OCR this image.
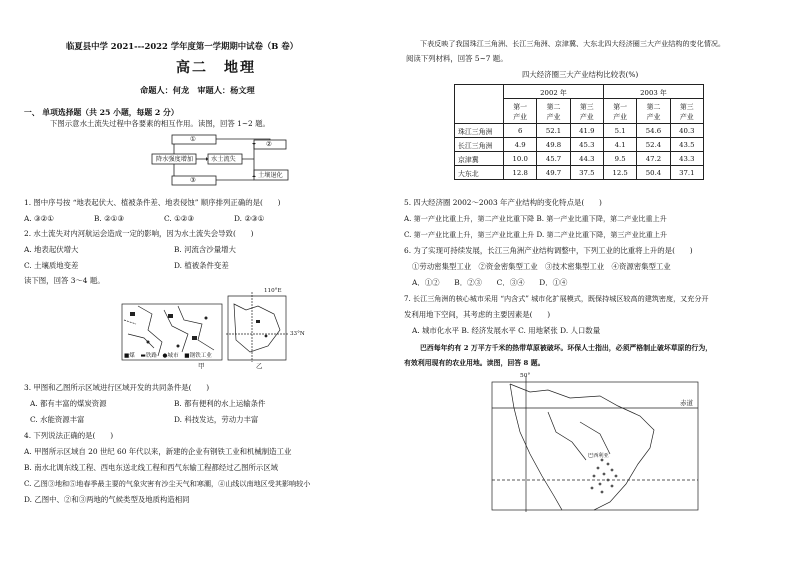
临夏县中学 2021---2022 学年度第一学期期中试卷（B 卷）
高二　地理
命题人：何龙　审题人：杨文理
一、 单项选择题（共 25 小题，每题 2 分）
下图示意水土流失过程中各要素的相互作用。读图，回答 1~2 题。
①
②
降水强度增加	水土流失
③
土壤退化
1. 图中序号按 “地表起伏大、植被条件差、地表侵蚀” 顺序排列正确的是(　　)
A. ③②①	B. ②①③	C. ①②③	D. ②③①
2. 水土流失对内河航运会造成一定的影响，因为水土流失会导致(　　)
A. 地表起伏增大	B. 河流含沙量增大
C. 土壤质地变差	D. 植被条件变差
读下图，回答 3～4 题。
110°E
33°N
■煤　▬铁路　●城市　■钢铁工业
甲	乙
3. 甲图和乙图所示区域进行区域开发的共同条件是(　　)
A. 都有丰富的煤炭资源	B. 都有便利的水上运输条件
C. 水能资源丰富	D. 科技发达，劳动力丰富
4. 下列说法正确的是(　　)
A. 甲图所示区域自 20 世纪 60 年代以来，新建的企业有钢铁工业和机械制造工业
B. 南水北调东线工程、西电东送北线工程和西气东输工程都经过乙图所示区域
C. 乙图③地和⑤地春季最主要的气象灾害有沙尘天气和寒潮，④山线以南地区受其影响较小
D. 乙图中、②和③两地的气候类型及地质构造相同
下表反映了我国珠江三角洲、长江三角洲、京津冀、大东北四大经济圈三大产业结构的变化情况。
阅读下列材料，回答 5~7 题。
四大经济圈三大产业结构比较表(%)
	2002 年			2003 年		
	第一
产业	第二
产业	第三
产业	第一
产业	第二
产业	第三
产业
珠江三角洲	6	52.1	41.9	5.1	54.6	40.3
长江三角洲	4.9	49.8	45.3	4.1	52.4	43.5
京津冀	10.0	45.7	44.3	9.5	47.2	43.3
大东北	12.8	49.7	37.5	12.5	50.4	37.1
5. 四大经济圈 2002～2003 年产业结构的变化特点是(　　)
A. 第一产业比重上升，第二产业比重下降 B. 第一产业比重下降，第二产业比重上升
C. 第一产业比重上升，第三产业比重上升 D. 第二产业比重下降，第三产业比重上升
6. 为了实现可持续发展，长江三角洲产业结构调整中，下列工业的比重将上升的是(　　)
①劳动密集型工业　②资金密集型工业　③技术密集型工业　④资源密集型工业
A．①②　　B．②③　　C．③④　　D．①④
7. 长江三角洲的核心城市采用 “内含式” 城市化扩展模式，既保持城区较高的建筑密度，又充分开
发利用地下空间，其考虑的主要因素是(　　)
A. 城市化水平 B. 经济发展水平 C. 用地紧张 D. 人口数量
巴西每年约有 2 万平方千米的热带草原被破坏。环保人士指出，必须严格制止破坏草原的行为，
有效利用现有的农业用地。读图，回答 8 题。
50°
赤道
巴西利亚
